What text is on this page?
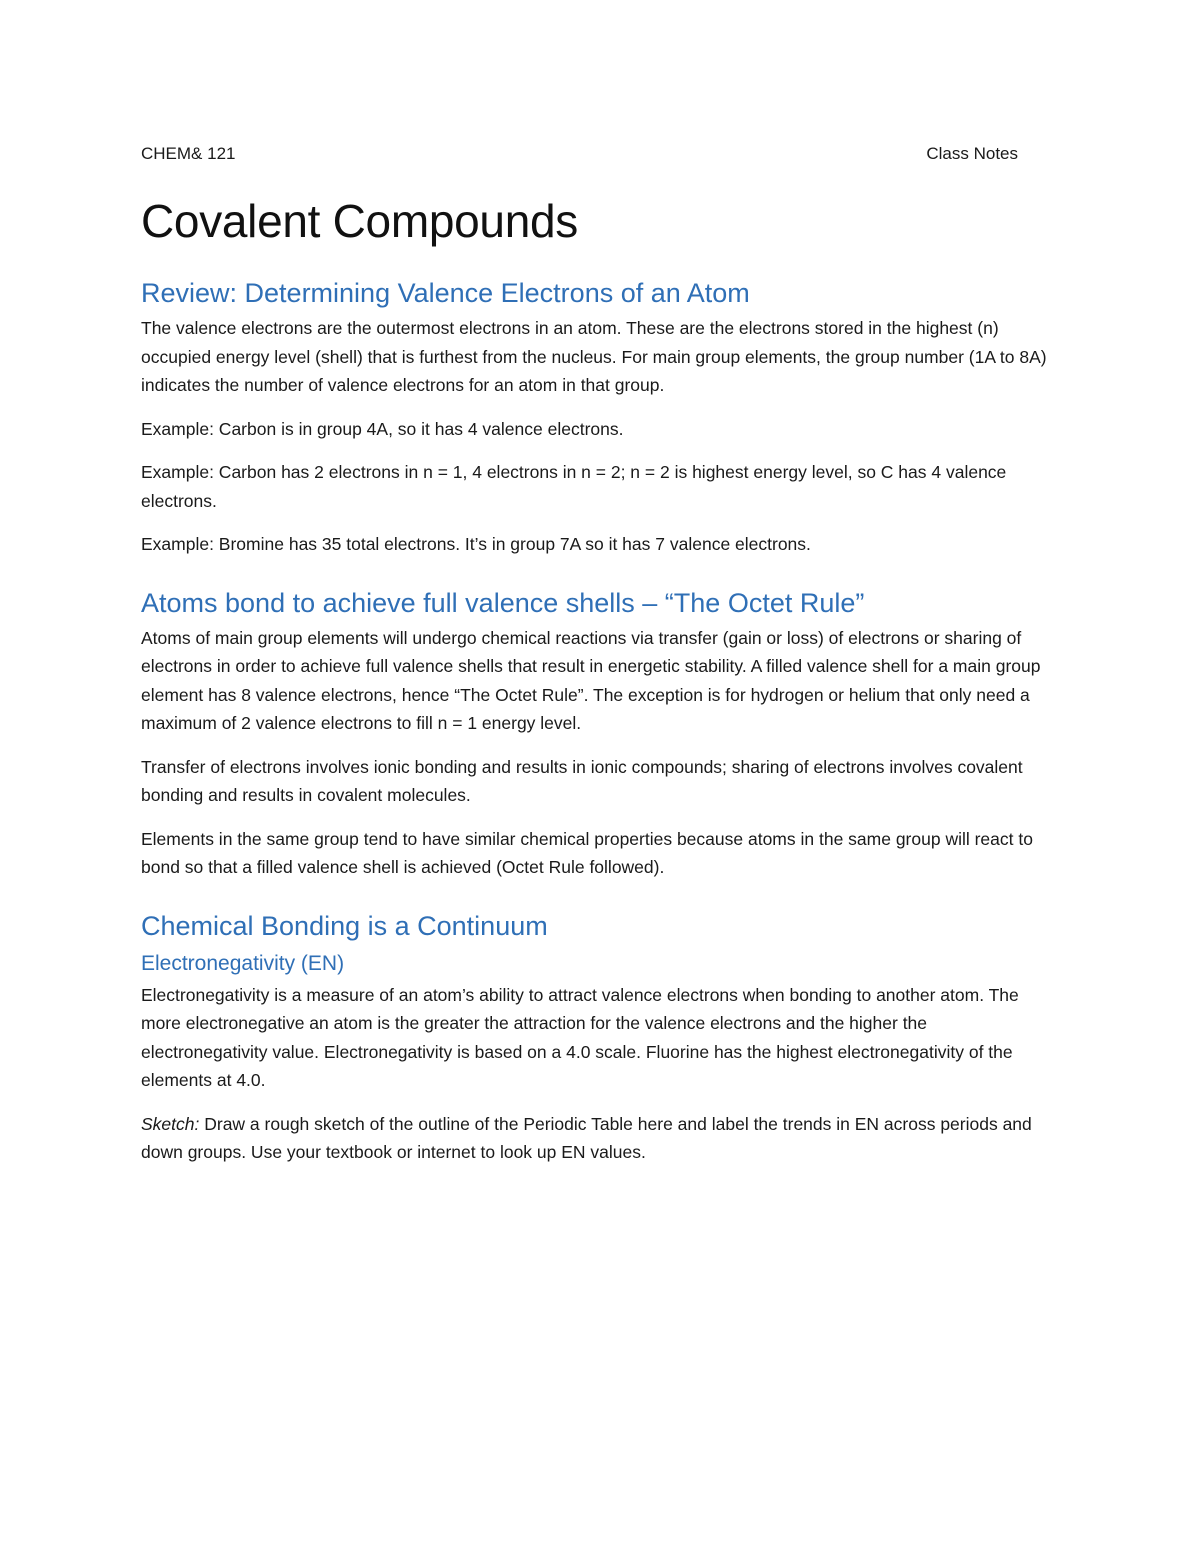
CHEM& 121	Class Notes
Covalent Compounds
Review: Determining Valence Electrons of an Atom

The valence electrons are the outermost electrons in an atom. These are the electrons stored in the highest (n) occupied energy level (shell) that is furthest from the nucleus. For main group elements, the group number (1A to 8A) indicates the number of valence electrons for an atom in that group.

Example: Carbon is in group 4A, so it has 4 valence electrons.

Example: Carbon has 2 electrons in n = 1, 4 electrons in n = 2; n = 2 is highest energy level, so C has 4 valence electrons.

Example: Bromine has 35 total electrons. It’s in group 7A so it has 7 valence electrons.

Atoms bond to achieve full valence shells – “The Octet Rule”

Atoms of main group elements will undergo chemical reactions via transfer (gain or loss) of electrons or sharing of electrons in order to achieve full valence shells that result in energetic stability. A filled valence shell for a main group element has 8 valence electrons, hence “The Octet Rule”. The exception is for hydrogen or helium that only need a maximum of 2 valence electrons to fill n = 1 energy level.

Transfer of electrons involves ionic bonding and results in ionic compounds; sharing of electrons involves covalent bonding and results in covalent molecules.

Elements in the same group tend to have similar chemical properties because atoms in the same group will react to bond so that a filled valence shell is achieved (Octet Rule followed).

Chemical Bonding is a Continuum
Electronegativity (EN)

Electronegativity is a measure of an atom’s ability to attract valence electrons when bonding to another atom. The more electronegative an atom is the greater the attraction for the valence electrons and the higher the electronegativity value. Electronegativity is based on a 4.0 scale. Fluorine has the highest electronegativity of the elements at 4.0.

Sketch: Draw a rough sketch of the outline of the Periodic Table here and label the trends in EN across periods and down groups. Use your textbook or internet to look up EN values.
